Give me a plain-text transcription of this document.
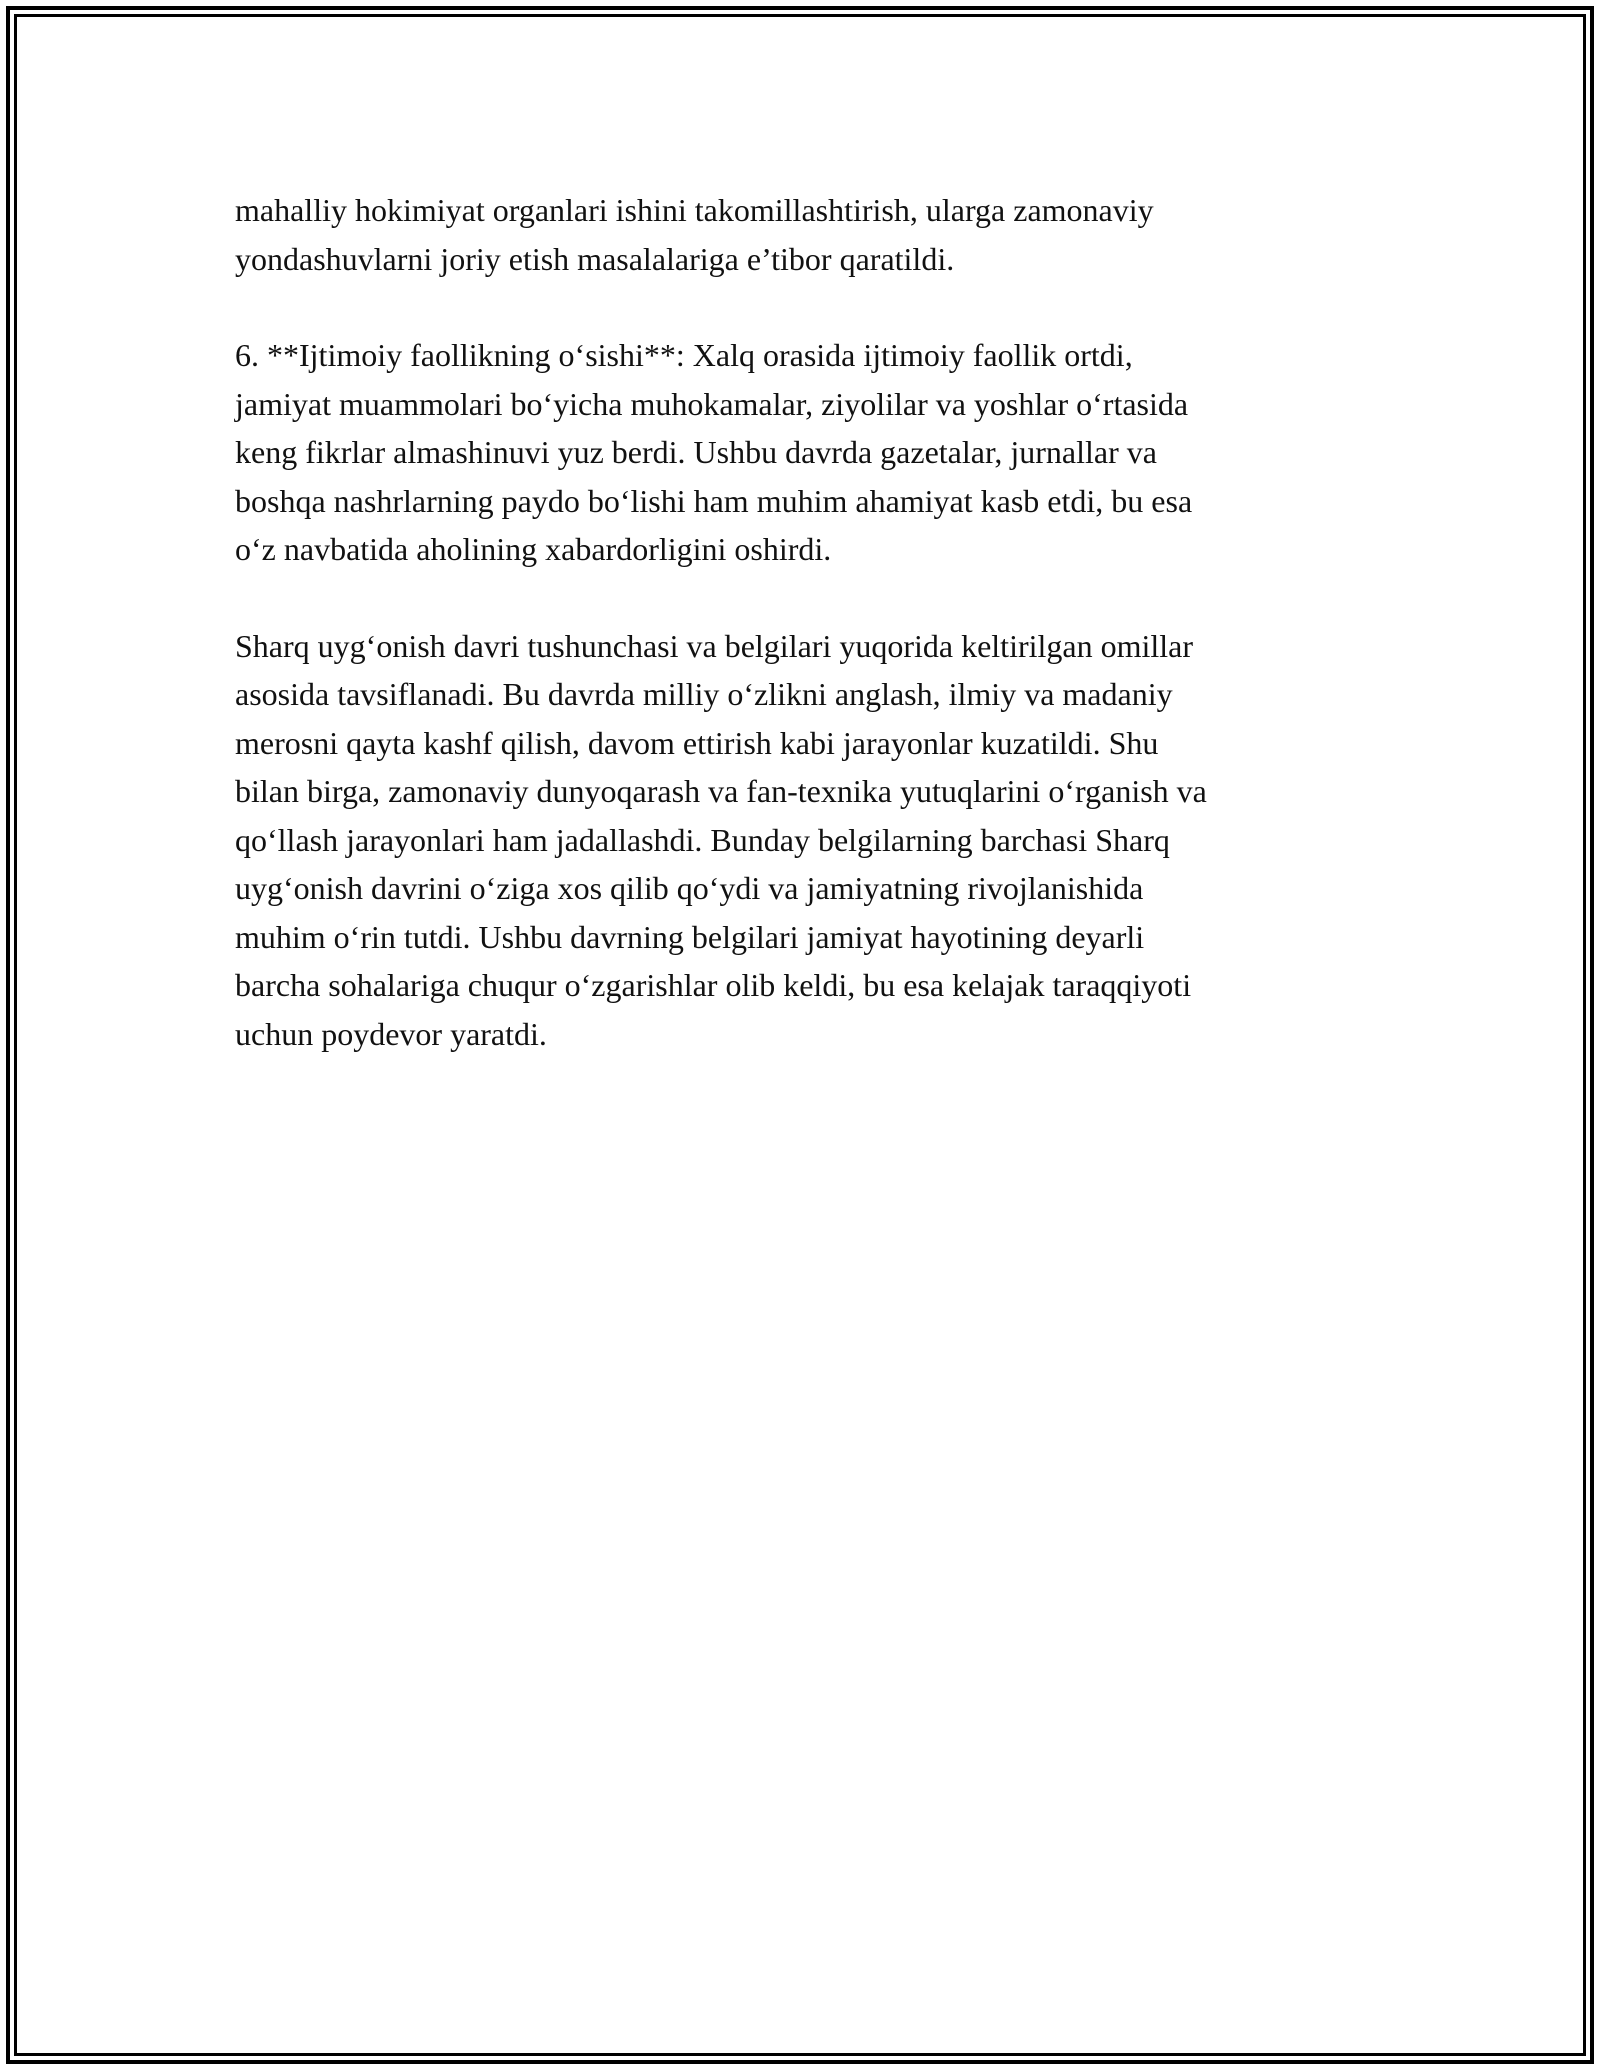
mahalliy hokimiyat organlari ishini takomillashtirish, ularga zamonaviy
yondashuvlarni joriy etish masalalariga e’tibor qaratildi.

6. **Ijtimoiy faollikning o‘sishi**: Xalq orasida ijtimoiy faollik ortdi,
jamiyat muammolari bo‘yicha muhokamalar, ziyolilar va yoshlar o‘rtasida
keng fikrlar almashinuvi yuz berdi. Ushbu davrda gazetalar, jurnallar va
boshqa nashrlarning paydo bo‘lishi ham muhim ahamiyat kasb etdi, bu esa
o‘z navbatida aholining xabardorligini oshirdi.

Sharq uyg‘onish davri tushunchasi va belgilari yuqorida keltirilgan omillar
asosida tavsiflanadi. Bu davrda milliy o‘zlikni anglash, ilmiy va madaniy
merosni qayta kashf qilish, davom ettirish kabi jarayonlar kuzatildi. Shu
bilan birga, zamonaviy dunyoqarash va fan-texnika yutuqlarini o‘rganish va
qo‘llash jarayonlari ham jadallashdi. Bunday belgilarning barchasi Sharq
uyg‘onish davrini o‘ziga xos qilib qo‘ydi va jamiyatning rivojlanishida
muhim o‘rin tutdi. Ushbu davrning belgilari jamiyat hayotining deyarli
barcha sohalariga chuqur o‘zgarishlar olib keldi, bu esa kelajak taraqqiyoti
uchun poydevor yaratdi.
